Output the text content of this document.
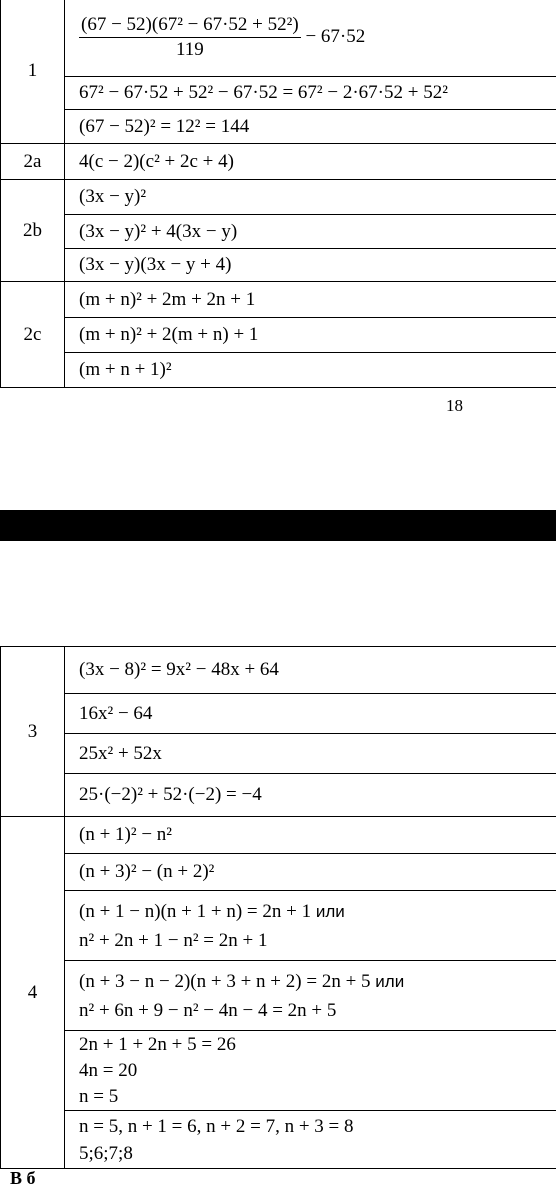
1	$\frac{\text{(67 − 52)(67² − 67·52 + 52²)}}{119} - 67\cdot 52$
	67² − 67·52 + 52² − 67·52 = 67² − 2·67·52 + 52²
	(67 − 52)² = 12² = 144
2a	4(c − 2)(c² + 2c + 4)
2b	(3x − y)²
	(3x − y)² + 4(3x − y)
	(3x − y)(3x − y + 4)
2c	(m + n)² + 2m + 2n + 1
	(m + n)² + 2(m + n) + 1
	(m + n + 1)²
18
3	(3x − 8)² = 9x² − 48x + 64
	16x² − 64
	25x² + 52x
	25·(−2)² + 52·(−2) = −4
4	(n + 1)² − n²
	(n + 3)² − (n + 2)²

	(n + 1 − n)(n + 1 + n) = 2n + 1 или
n² + 2n + 1 − n² = 2n + 1

	(n + 3 − n − 2)(n + 3 + n + 2) = 2n + 5 или
n² + 6n + 9 − n² − 4n − 4 = 2n + 5

	2n + 1 + 2n + 5 = 26
4n = 20
n = 5

	n = 5, n + 1 = 6, n + 2 = 7, n + 3 = 8
5;6;7;8
В б
